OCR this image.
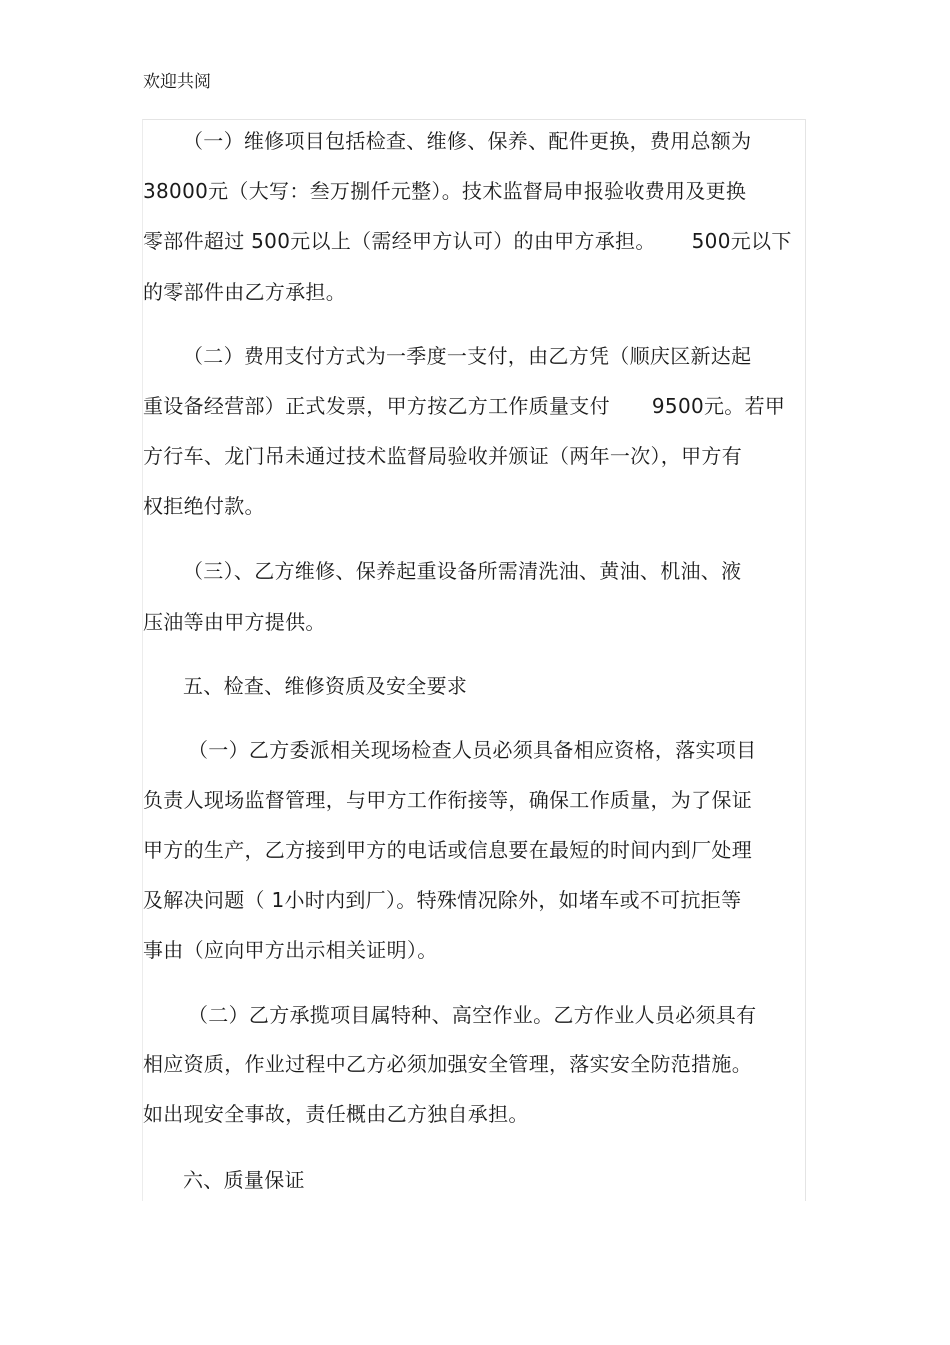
欢迎共阅
（一）维修项目包括检查、维修、保养、配件更换，费用总额为
38000元（大写：叁万捌仟元整）。技术监督局申报验收费用及更换
零部件超过 500元以上（需经甲方认可）的由甲方承担。 500元以下
的零部件由乙方承担。
（二）费用支付方式为一季度一支付，由乙方凭（顺庆区新达起
重设备经营部）正式发票，甲方按乙方工作质量支付 9500元。若甲
方行车、龙门吊未通过技术监督局验收并颁证（两年一次），甲方有
权拒绝付款。
（三）、乙方维修、保养起重设备所需清洗油、黄油、机油、液
压油等由甲方提供。
五、检查、维修资质及安全要求
（一）乙方委派相关现场检查人员必须具备相应资格，落实项目
负责人现场监督管理，与甲方工作衔接等，确保工作质量，为了保证
甲方的生产，乙方接到甲方的电话或信息要在最短的时间内到厂处理
及解决问题（ 1小时内到厂）。特殊情况除外，如堵车或不可抗拒等
事由（应向甲方出示相关证明）。
（二）乙方承揽项目属特种、高空作业。乙方作业人员必须具有
相应资质，作业过程中乙方必须加强安全管理，落实安全防范措施。
如出现安全事故，责任概由乙方独自承担。
六、质量保证
